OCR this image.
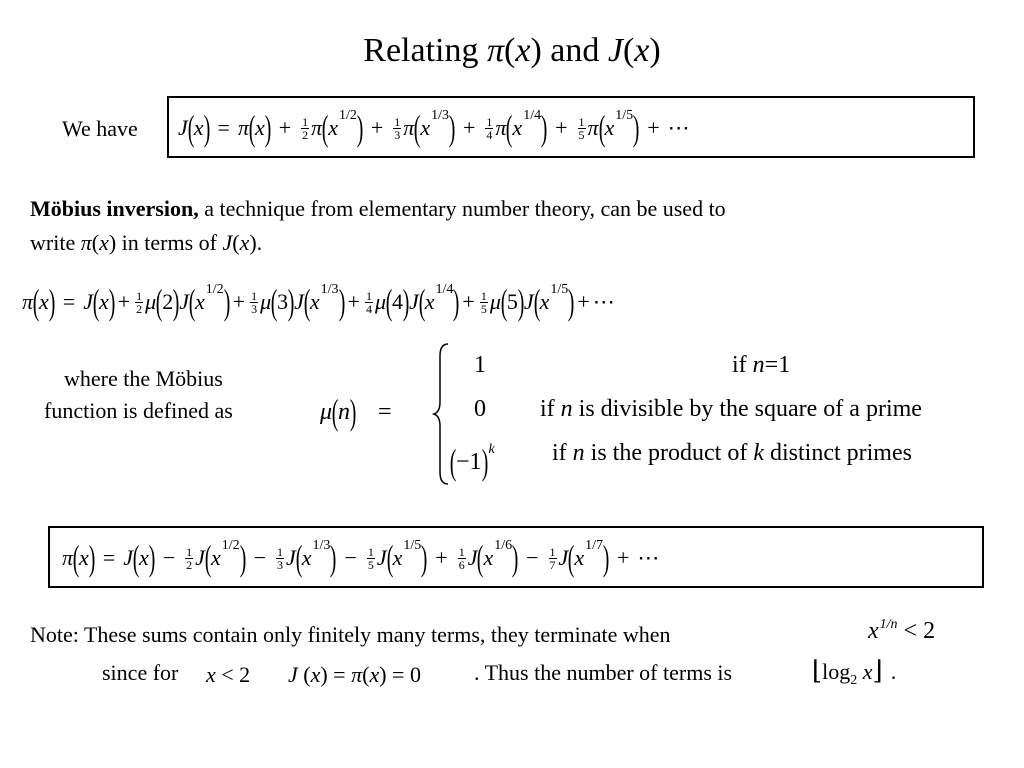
Relating π(x) and J(x)
We have J ( x ) = π ( x ) + $\frac{1}{2}$ π ( x 1/2 ) + $\frac{1}{3}$ π ( x 1/3 ) + $\frac{1}{4}$ π ( x 1/4 ) + $\frac{1}{5}$ π ( x 1/5 ) + ⋯
Möbius inversion, a technique from elementary number theory, can be used to
write π(x) in terms of J(x).
π ( x ) = J ( x ) + $\frac{1}{2}$ μ ( 2 ) J ( x 1/2 ) + $\frac{1}{3}$ μ ( 3 ) J ( x 1/3 ) + $\frac{1}{4}$ μ ( 4 ) J ( x 1/4 ) + $\frac{1}{5}$ μ ( 5 ) J ( x 1/5 ) + ⋯
where the Möbius
function is defined as	μ ( n ) =
1	if n=1
0 if n is divisible by the square of a prime
( −1 ) k if n is the product of k distinct primes
π ( x ) = J ( x ) − $\frac{1}{2}$ J ( x 1/2 ) − $\frac{1}{3}$ J ( x 1/3 ) − $\frac{1}{5}$ J ( x 1/5 ) + $\frac{1}{6}$ J ( x 1/6 ) − $\frac{1}{7}$ J ( x 1/7 ) + ⋯
Note: These sums contain only finitely many terms, they terminate when	$x^{1/n} < 2$
since for x < 2 J (x) = π(x) = 0 . Thus the number of terms is	⌊log2 x⌋ .
